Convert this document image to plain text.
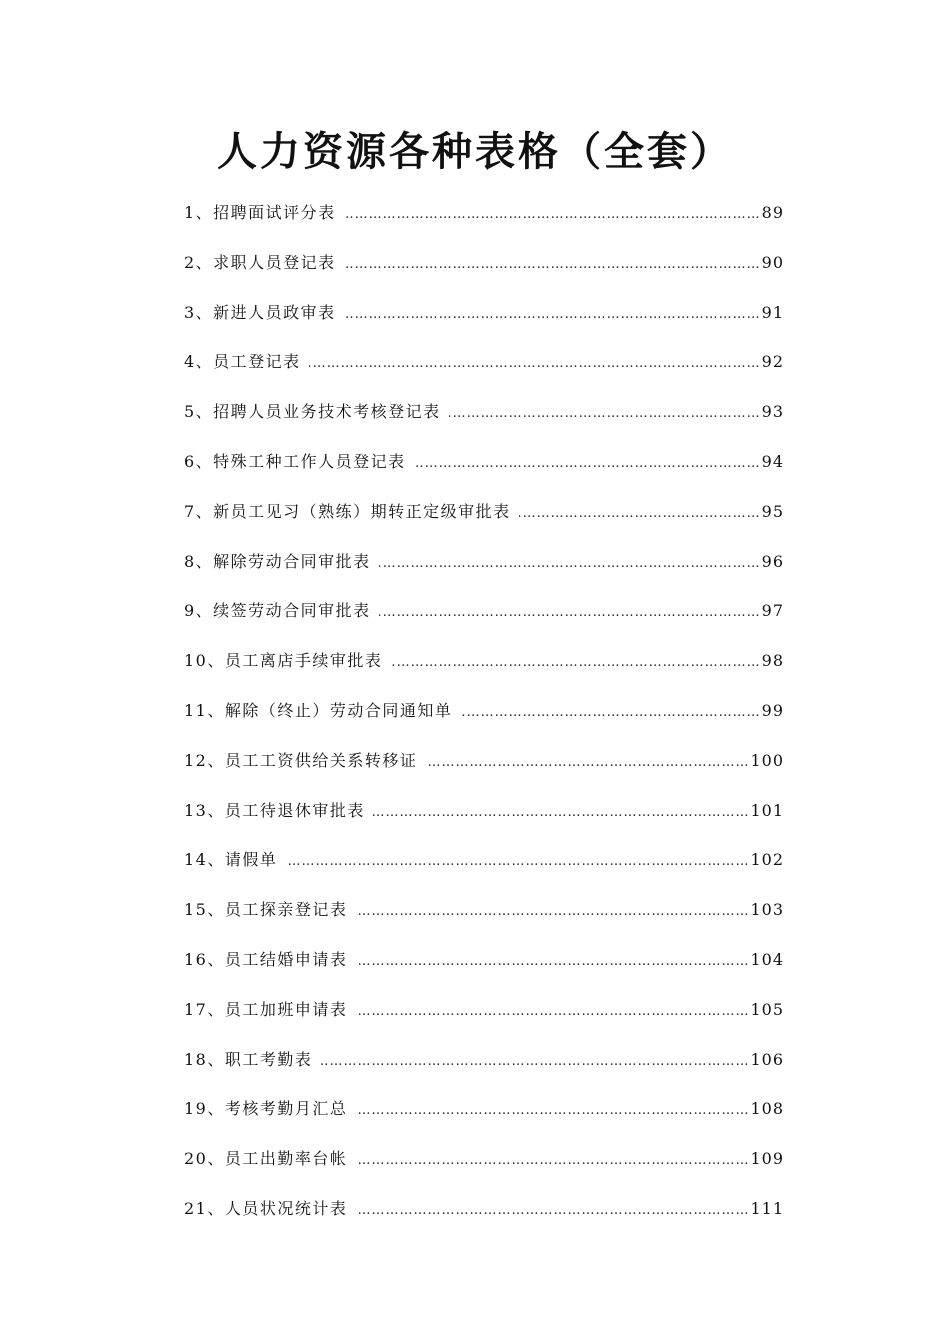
人力资源各种表格（全套）
1、招聘面试评分表 ………………………………………………………………………………………………………………………………………………	89
2、求职人员登记表 ………………………………………………………………………………………………………………………………………………	90
3、新进人员政审表 ………………………………………………………………………………………………………………………………………………	91
4、员工登记表 ………………………………………………………………………………………………………………………………………………	92
5、招聘人员业务技术考核登记表 ………………………………………………………………………………………………………………………………………………	93
6、特殊工种工作人员登记表 ………………………………………………………………………………………………………………………………………………	94
7、新员工见习（熟练）期转正定级审批表 ………………………………………………………………………………………………………………………………………………	95
8、解除劳动合同审批表 ………………………………………………………………………………………………………………………………………………	96
9、续签劳动合同审批表 ………………………………………………………………………………………………………………………………………………	97
10、员工离店手续审批表 ………………………………………………………………………………………………………………………………………………	98
11、解除（终止）劳动合同通知单 ………………………………………………………………………………………………………………………………………………	99
12、员工工资供给关系转移证 ………………………………………………………………………………………………………………………………………………	100
13、员工待退休审批表 ………………………………………………………………………………………………………………………………………………	101
14、请假单 ………………………………………………………………………………………………………………………………………………	102
15、员工探亲登记表 ………………………………………………………………………………………………………………………………………………	103
16、员工结婚申请表 ………………………………………………………………………………………………………………………………………………	104
17、员工加班申请表 ………………………………………………………………………………………………………………………………………………	105
18、职工考勤表 ………………………………………………………………………………………………………………………………………………	106
19、考核考勤月汇总 ………………………………………………………………………………………………………………………………………………	108
20、员工出勤率台帐 ………………………………………………………………………………………………………………………………………………	109
21、人员状况统计表 ………………………………………………………………………………………………………………………………………………	111
